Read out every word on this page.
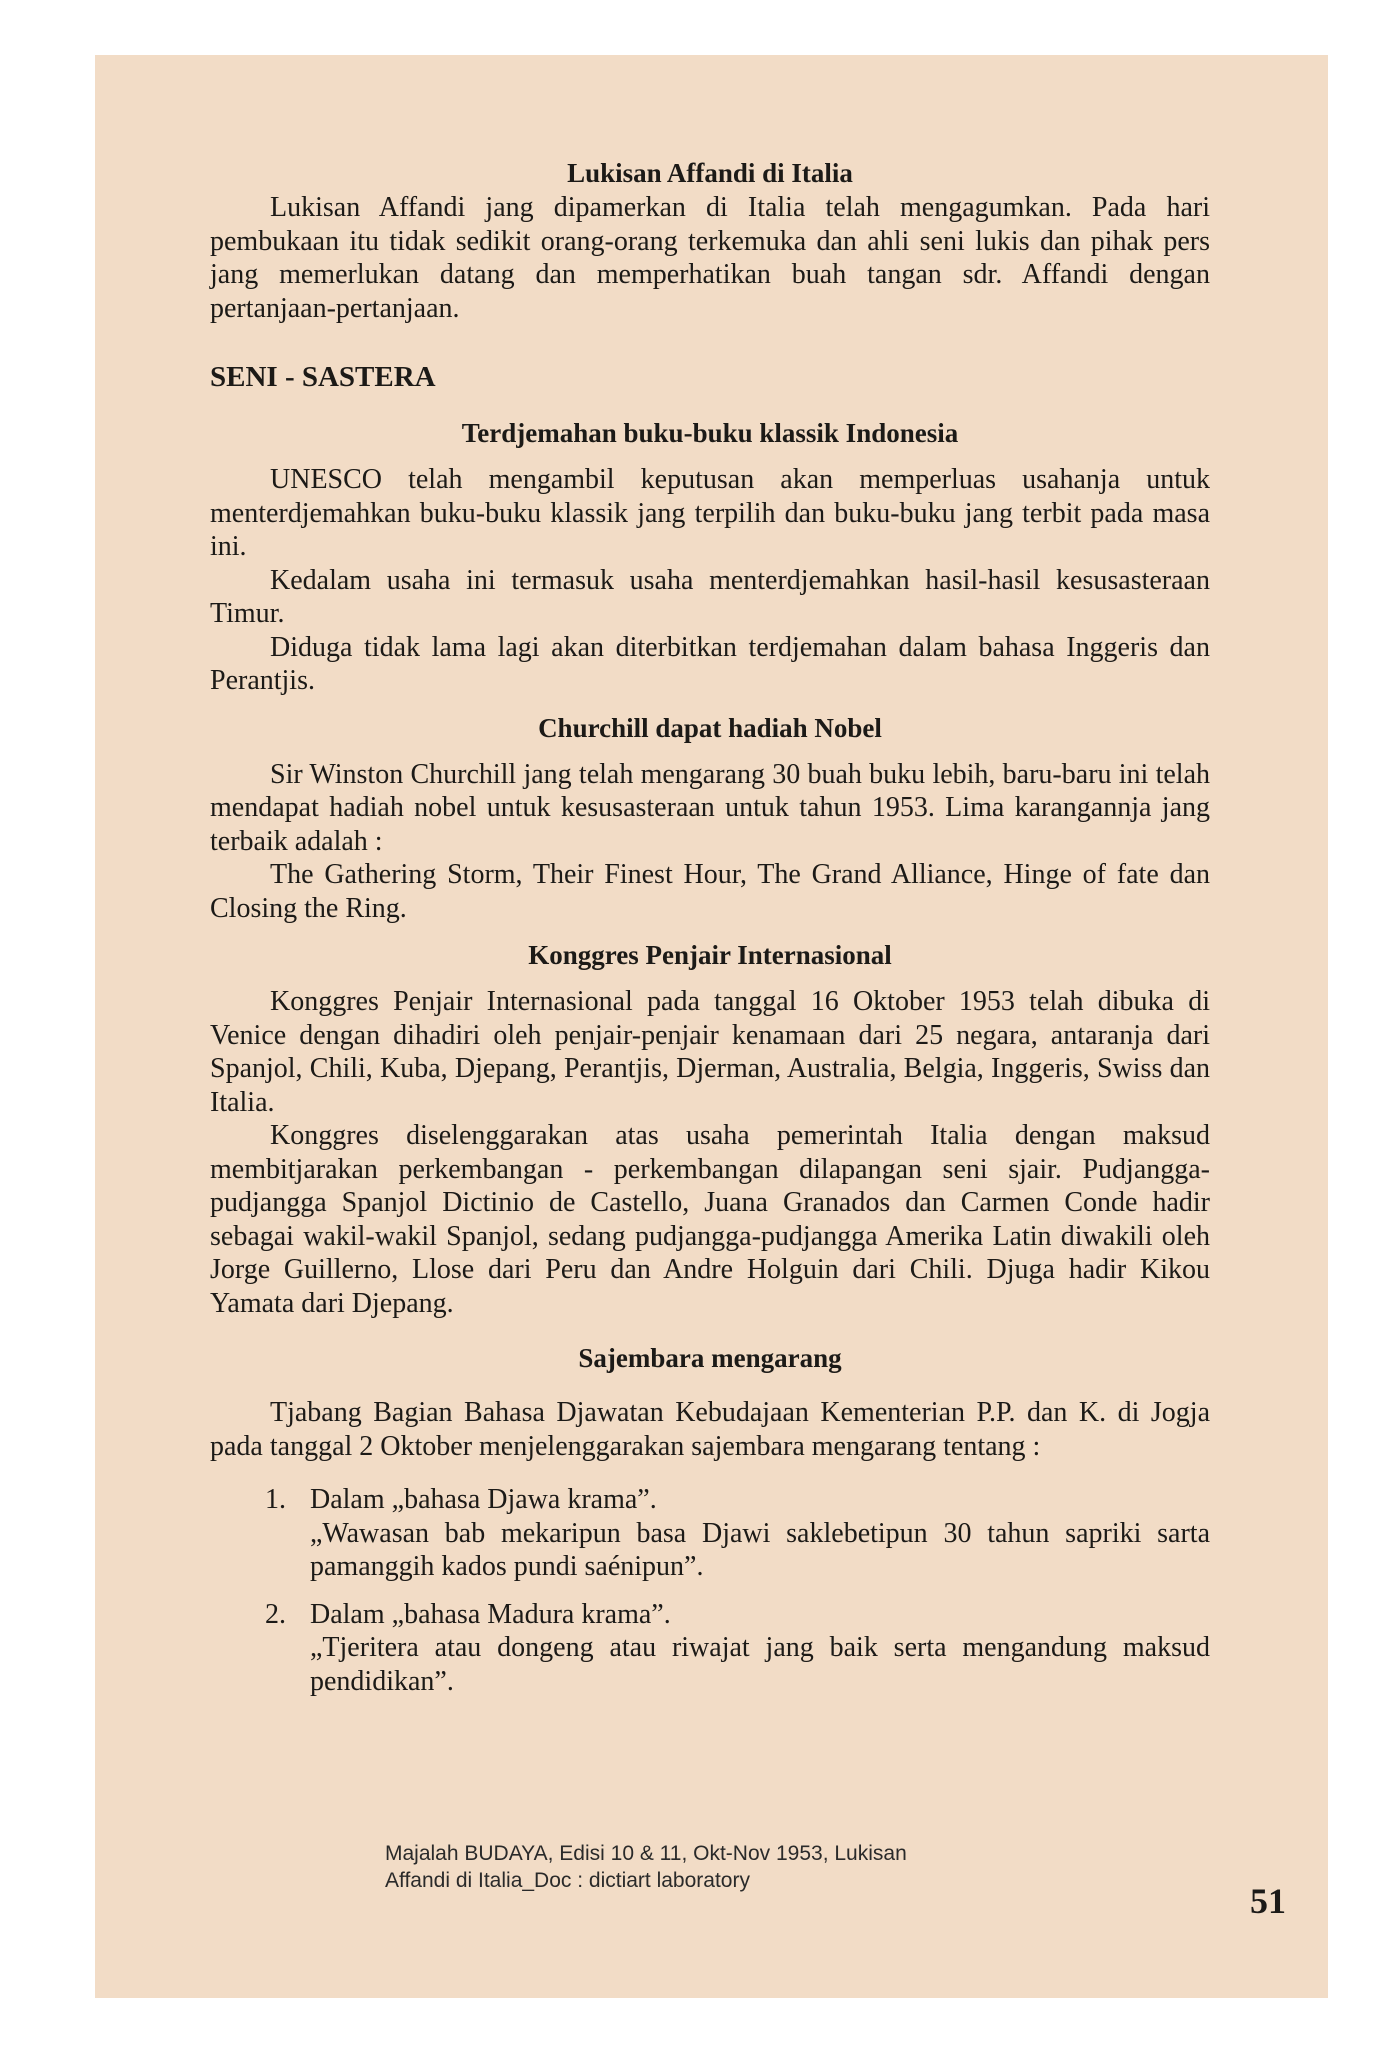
Lukisan Affandi di Italia

Lukisan Affandi jang dipamerkan di Italia telah mengagumkan. Pada hari pembukaan itu tidak sedikit orang-orang terkemuka dan ahli seni lukis dan pihak pers jang memerlukan datang dan memperhatikan buah tangan sdr. Affandi dengan pertanjaan-pertanjaan.

SENI - SASTERA
Terdjemahan buku-buku klassik Indonesia

UNESCO telah mengambil keputusan akan memperluas usahanja untuk menterdjemahkan buku-buku klassik jang terpilih dan buku-buku jang terbit pada masa ini.

Kedalam usaha ini termasuk usaha menterdjemahkan hasil-hasil kesusasteraan Timur.

Diduga tidak lama lagi akan diterbitkan terdjemahan dalam bahasa Inggeris dan Perantjis.

Churchill dapat hadiah Nobel

Sir Winston Churchill jang telah mengarang 30 buah buku lebih, baru-baru ini telah mendapat hadiah nobel untuk kesusasteraan untuk tahun 1953. Lima karangannja jang terbaik adalah :

The Gathering Storm, Their Finest Hour, The Grand Alliance, Hinge of fate dan Closing the Ring.

Konggres Penjair Internasional

Konggres Penjair Internasional pada tanggal 16 Oktober 1953 telah dibuka di Venice dengan dihadiri oleh penjair-penjair kenamaan dari 25 negara, antaranja dari Spanjol, Chili, Kuba, Djepang, Perantjis, Djerman, Australia, Belgia, Inggeris, Swiss dan Italia.

Konggres diselenggarakan atas usaha pemerintah Italia dengan maksud membitjarakan perkembangan - perkembangan dilapangan seni sjair. Pudjangga-pudjangga Spanjol Dictinio de Castello, Juana Granados dan Carmen Conde hadir sebagai wakil-wakil Spanjol, sedang pudjangga-pudjangga Amerika Latin diwakili oleh Jorge Guillerno, Llose dari Peru dan Andre Holguin dari Chili. Djuga hadir Kikou Yamata dari Djepang.

Sajembara mengarang

Tjabang Bagian Bahasa Djawatan Kebudajaan Kementerian P.P. dan K. di Jogja pada tanggal 2 Oktober menjelenggarakan sajembara mengarang tentang :

1. Dalam „bahasa Djawa krama”.
„Wawasan bab mekaripun basa Djawi saklebetipun 30 tahun sapriki sarta pamanggih kados pundi saénipun”.
2. Dalam „bahasa Madura krama”.
„Tjeritera atau dongeng atau riwajat jang baik serta mengandung maksud pendidikan”.
51
Majalah BUDAYA, Edisi 10 & 11, Okt-Nov 1953, Lukisan
Affandi di Italia_Doc : dictiart laboratory
